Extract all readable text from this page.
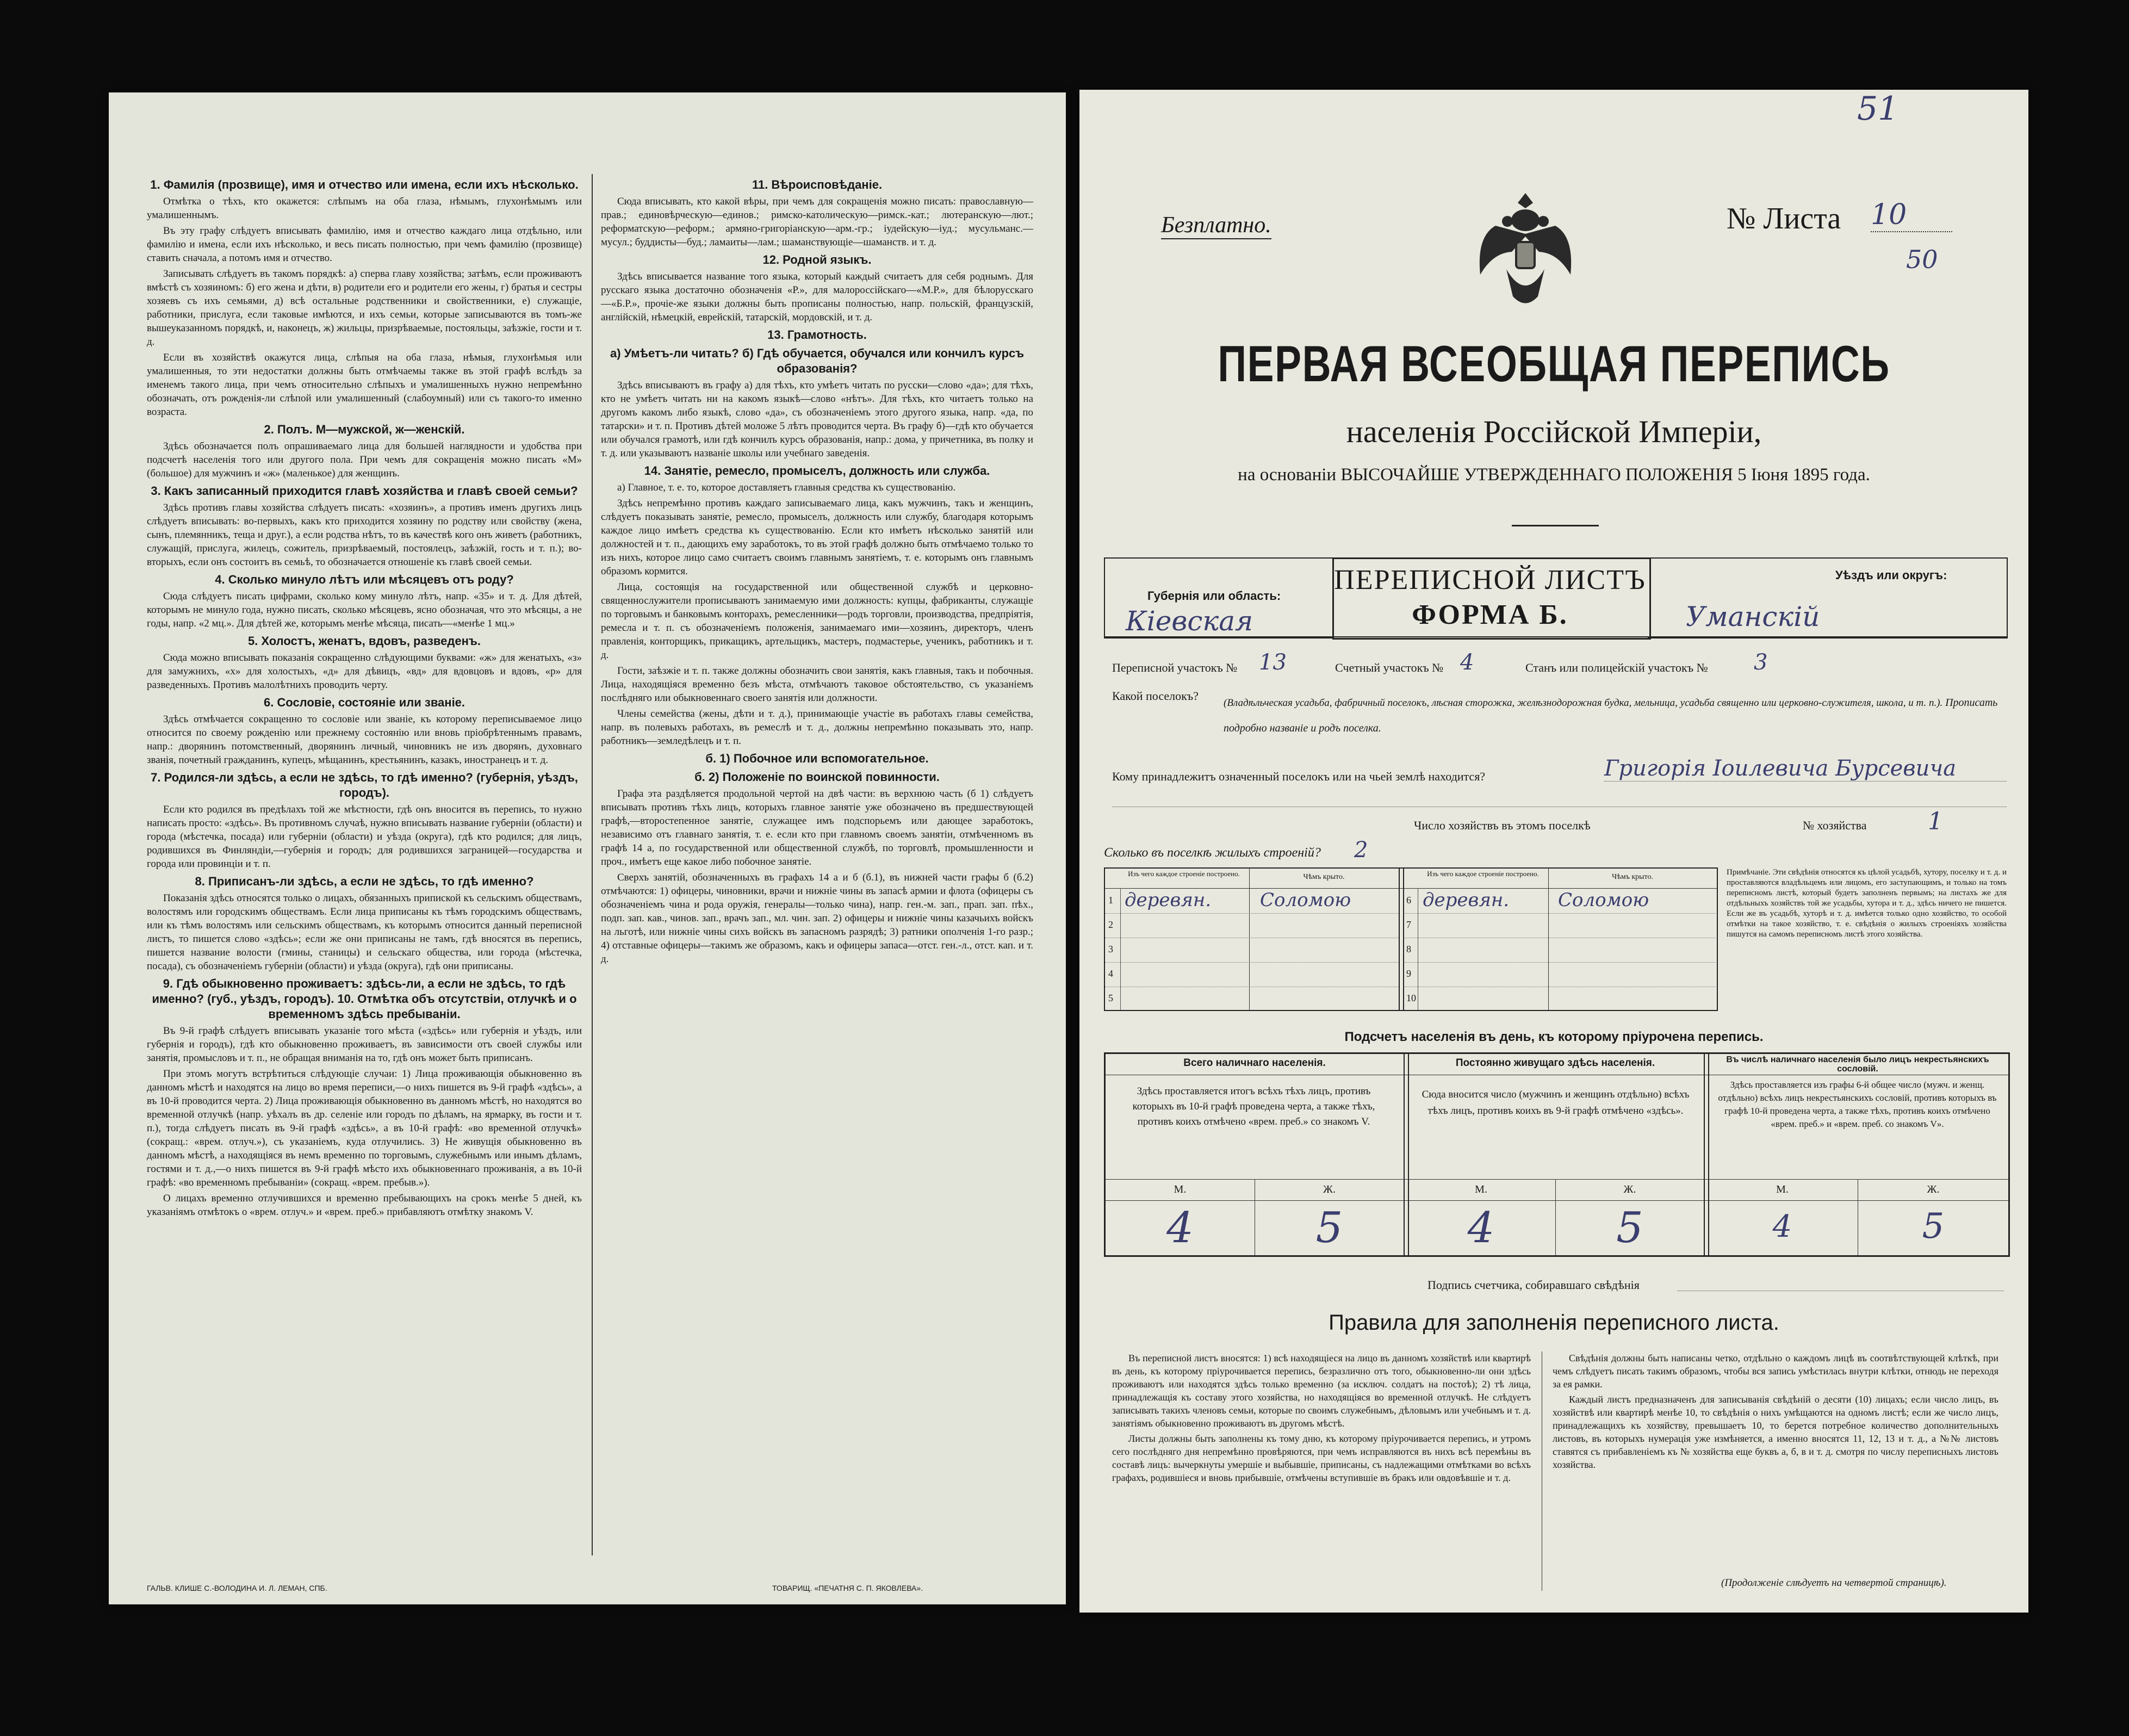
1. Фамилія (прозвище), имя и отчество или имена, если ихъ нѣсколько.
Отмѣтка о тѣхъ, кто окажется: слѣпымъ на оба глаза, нѣмымъ, глухонѣмымъ или умалишеннымъ.
Въ эту графу слѣдуетъ вписывать фамилію, имя и отчество каждаго лица отдѣльно, или фамилію и имена, если ихъ нѣсколько, и весь писать полностью, при чемъ фамилію (прозвище) ставить сначала, а потомъ имя и отчество.
Записывать слѣдуетъ въ такомъ порядкѣ: а) сперва главу хозяйства; затѣмъ, если проживаютъ вмѣстѣ съ хозяиномъ: б) его жена и дѣти, в) родители его и родители его жены, г) братья и сестры хозяевъ съ ихъ семьями, д) всѣ остальные родственники и свойственники, е) служащіе, работники, прислуга, если таковые имѣются, и ихъ семьи, которые записываются въ томъ-же вышеуказанномъ порядкѣ, и, наконецъ, ж) жильцы, призрѣваемые, постояльцы, заѣзжіе, гости и т. д.
Если въ хозяйствѣ окажутся лица, слѣпыя на оба глаза, нѣмыя, глухонѣмыя или умалишенныя, то эти недостатки должны быть отмѣчаемы также въ этой графѣ вслѣдъ за именемъ такого лица, при чемъ относительно слѣпыхъ и умалишенныхъ нужно непремѣнно обозначать, отъ рожденія-ли слѣпой или умалишенный (слабоумный) или съ такого-то именно возраста.
2. Полъ. М—мужской, ж—женскій.
Здѣсь обозначается полъ опрашиваемаго лица для большей наглядности и удобства при подсчетѣ населенія того или другого пола. При чемъ для сокращенія можно писать «М» (большое) для мужчинъ и «ж» (маленькое) для женщинъ.
3. Какъ записанный приходится главѣ хозяйства и главѣ своей семьи?
Здѣсь противъ главы хозяйства слѣдуетъ писать: «хозяинъ», а противъ именъ другихъ лицъ слѣдуетъ вписывать: во-первыхъ, какъ кто приходится хозяину по родству или свойству (жена, сынъ, племянникъ, теща и друг.), а если родства нѣтъ, то въ качествѣ кого онъ живетъ (работникъ, служащій, прислуга, жилецъ, сожитель, призрѣваемый, постоялецъ, заѣзжій, гость и т. п.); во-вторыхъ, если онъ состоитъ въ семьѣ, то обозначается отношеніе къ главѣ своей семьи.
4. Сколько минуло лѣтъ или мѣсяцевъ отъ роду?
Сюда слѣдуетъ писать цифрами, сколько кому минуло лѣтъ, напр. «35» и т. д. Для дѣтей, которымъ не минуло года, нужно писать, сколько мѣсяцевъ, ясно обозначая, что это мѣсяцы, а не годы, напр. «2 мц.». Для дѣтей же, которымъ менѣе мѣсяца, писать—«менѣе 1 мц.»
5. Холостъ, женатъ, вдовъ, разведенъ.
Сюда можно вписывать показанія сокращенно слѣдующими буквами: «ж» для женатыхъ, «з» для замужнихъ, «х» для холостыхъ, «д» для дѣвицъ, «вд» для вдовцовъ и вдовъ, «р» для разведенныхъ. Противъ малолѣтнихъ проводить черту.
6. Сословіе, состояніе или званіе.
Здѣсь отмѣчается сокращенно то сословіе или званіе, къ которому переписываемое лицо относится по своему рожденію или прежнему состоянію или вновь пріобрѣтеннымъ правамъ, напр.: дворянинъ потомственный, дворянинъ личный, чиновникъ не изъ дворянъ, духовнаго званія, почетный гражданинъ, купецъ, мѣщанинъ, крестьянинъ, казакъ, иностранецъ и т. д.
7. Родился-ли здѣсь, а если не здѣсь, то гдѣ именно? (губернія, уѣздъ, городъ).
Если кто родился въ предѣлахъ той же мѣстности, гдѣ онъ вносится въ перепись, то нужно написать просто: «здѣсь». Въ противномъ случаѣ, нужно вписывать название губерніи (области) и города (мѣстечка, посада) или губерніи (области) и уѣзда (округа), гдѣ кто родился; для лицъ, родившихся въ Финляндіи,—губернія и городъ; для родившихся заграницей—государства и города или провинціи и т. п.
8. Приписанъ-ли здѣсь, а если не здѣсь, то гдѣ именно?
Показанія здѣсь относятся только о лицахъ, обязанныхъ припиской къ сельскимъ обществамъ, волостямъ или городскимъ обществамъ. Если лица приписаны къ тѣмъ городскимъ обществамъ, или къ тѣмъ волостямъ или сельскимъ обществамъ, къ которымъ относится данный переписной листъ, то пишется слово «здѣсь»; если же они приписаны не тамъ, гдѣ вносятся въ перепись, пишется название волости (гмины, станицы) и сельскаго общества, или города (мѣстечка, посада), съ обозначеніемъ губерніи (области) и уѣзда (округа), гдѣ они приписаны.
9. Гдѣ обыкновенно проживаетъ: здѣсь-ли, а если не здѣсь, то гдѣ именно? (губ., уѣздъ, городъ). 10. Отмѣтка объ отсутствіи, отлучкѣ и о временномъ здѣсь пребываніи.
Въ 9-й графѣ слѣдуетъ вписывать указаніе того мѣста («здѣсь» или губернія и уѣздъ, или губернія и городъ), гдѣ кто обыкновенно проживаетъ, въ зависимости отъ своей службы или занятія, промысловъ и т. п., не обращая вниманія на то, гдѣ онъ может быть приписанъ.
При этомъ могутъ встрѣтиться слѣдующіе случаи: 1) Лица проживающія обыкновенно въ данномъ мѣстѣ и находятся на лицо во время переписи,—о нихъ пишется въ 9-й графѣ «здѣсь», а въ 10-й проводится черта. 2) Лица проживающія обыкновенно въ данномъ мѣстѣ, но находятся во временной отлучкѣ (напр. уѣхалъ въ др. селеніе или городъ по дѣламъ, на ярмарку, въ гости и т. п.), тогда слѣдуетъ писать въ 9-й графѣ «здѣсь», а въ 10-й графѣ: «во временной отлучкѣ» (сокращ.: «врем. отлуч.»), съ указаніемъ, куда отлучились. 3) Не живущія обыкновенно въ данномъ мѣстѣ, а находящіяся въ немъ временно по торговымъ, служебнымъ или инымъ дѣламъ, гостями и т. д.,—о нихъ пишется въ 9-й графѣ мѣсто ихъ обыкновеннаго проживанія, а въ 10-й графѣ: «во временномъ пребываніи» (сокращ. «врем. пребыв.»).
О лицахъ временно отлучившихся и временно пребывающихъ на срокъ менѣе 5 дней, къ указаніямъ отмѣтокъ о «врем. отлуч.» и «врем. преб.» прибавляютъ отмѣтку знакомъ V.
11. Вѣроисповѣданіе.
Сюда вписывать, кто какой вѣры, при чемъ для сокращенія можно писать: православную—прав.; единовѣрческую—единов.; римско-католическую—римск.-кат.; лютеранскую—лют.; реформатскую—реформ.; армяно-григоріанскую—арм.-гр.; іудейскую—іуд.; мусульманс.—мусул.; буддисты—буд.; ламаиты—лам.; шаманствующіе—шаманств. и т. д.
12. Родной языкъ.
Здѣсь вписывается название того языка, который каждый считаетъ для себя роднымъ. Для русскаго языка достаточно обозначенія «Р.», для малороссійскаго—«М.Р.», для бѣлорусскаго—«Б.Р.», прочіе-же языки должны быть прописаны полностью, напр. польскій, французскій, англійскій, нѣмецкій, еврейскій, татарскій, мордовскій, и т. д.
13. Грамотность.
а) Умѣетъ-ли читать? б) Гдѣ обучается, обучался или кончилъ курсъ образованія?
Здѣсь вписываютъ въ графу а) для тѣхъ, кто умѣетъ читать по русски—слово «да»; для тѣхъ, кто не умѣетъ читать ни на какомъ языкѣ—слово «нѣтъ». Для тѣхъ, кто читаетъ только на другомъ какомъ либо языкѣ, слово «да», съ обозначеніемъ этого другого языка, напр. «да, по татарски» и т. п. Противъ дѣтей моложе 5 лѣтъ проводится черта. Въ графу б)—гдѣ кто обучается или обучался грамотѣ, или гдѣ кончилъ курсъ образованія, напр.: дома, у причетника, въ полку и т. д. или указываютъ названіе школы или учебнаго заведенія.
14. Занятіе, ремесло, промыселъ, должность или служба.
а) Главное, т. е. то, которое доставляетъ главныя средства къ существованію.
Здѣсь непремѣнно противъ каждаго записываемаго лица, какъ мужчинъ, такъ и женщинъ, слѣдуетъ показывать занятіе, ремесло, промыселъ, должность или службу, благодаря которымъ каждое лицо имѣетъ средства къ существованію. Если кто имѣетъ нѣсколько занятій или должностей и т. п., дающихъ ему заработокъ, то въ этой графѣ должно быть отмѣчаемо только то изъ нихъ, которое лицо само считаетъ своимъ главнымъ занятіемъ, т. е. которымъ онъ главнымъ образомъ кормится.
Лица, состоящія на государственной или общественной службѣ и церковно-священнослужители прописываютъ занимаемую ими должность: купцы, фабриканты, служащіе по торговымъ и банковымъ конторахъ, ремесленники—родъ торговли, производства, предпріятія, ремесла и т. п. съ обозначеніемъ положенія, занимаемаго ими—хозяинъ, директоръ, членъ правленія, конторщикъ, прикащикъ, артельщикъ, мастеръ, подмастерье, ученикъ, работникъ и т. д.
Гости, заѣзжіе и т. п. также должны обозначить свои занятія, какъ главныя, такъ и побочныя. Лица, находящіяся временно безъ мѣста, отмѣчаютъ таковое обстоятельство, съ указаніемъ послѣдняго или обыкновеннаго своего занятія или должности.
Члены семейства (жены, дѣти и т. д.), принимающіе участіе въ работахъ главы семейства, напр. въ полевыхъ работахъ, въ ремеслѣ и т. д., должны непремѣнно показывать это, напр. работникъ—земледѣлецъ и т. п.
б. 1) Побочное или вспомогательное.
б. 2) Положеніе по воинской повинности.
Графа эта раздѣляется продольной чертой на двѣ части: въ верхнюю часть (б 1) слѣдуетъ вписывать противъ тѣхъ лицъ, которыхъ главное занятіе уже обозначено въ предшествующей графѣ,—второстепенное занятіе, служащее имъ подспорьемъ или дающее заработокъ, независимо отъ главнаго занятія, т. е. если кто при главномъ своемъ занятіи, отмѣченномъ въ графѣ 14 а, по государственной или общественной службѣ, по торговлѣ, промышленности и проч., имѣетъ еще какое либо побочное занятіе.
Сверхъ занятій, обозначенныхъ въ графахъ 14 а и б (б.1), въ нижней части графы б (б.2) отмѣчаются: 1) офицеры, чиновники, врачи и нижніе чины въ запасѣ армии и флота (офицеры съ обозначеніемъ чина и рода оружія, генералы—только чина), напр. ген.-м. зап., прап. зап. пѣх., подп. зап. кав., чинов. зап., врачъ зап., мл. чин. зап. 2) офицеры и нижніе чины казачьихъ войскъ на льготѣ, или нижніе чины сихъ войскъ въ запасномъ разрядѣ; 3) ратники ополченія 1-го разр.; 4) отставные офицеры—такимъ же образомъ, какъ и офицеры запаса—отст. ген.-л., отст. кап. и т. д.
ГАЛЬВ. КЛИШЕ С.-ВОЛОДИНА И. Л. ЛЕМАН, СПБ.	ТОВАРИЩ. «ПЕЧАТНЯ С. П. ЯКОВЛЕВА».
51
Безплатно.	№ Листа 10
50
ПЕРВАЯ ВСЕОБЩАЯ ПЕРЕПИСЬ
населенія Россійской Имперіи,
на основаніи ВЫСОЧАЙШЕ УТВЕРЖДЕННАГО ПОЛОЖЕНІЯ 5 Іюня 1895 года.
Губернія или область:
Кіевская
ПЕРЕПИСНОЙ ЛИСТЪ
ФОРМА Б.
Уѣздъ или округъ:
Уманскій
Переписной участокъ № 13	Счетный участокъ № 4	Станъ или полицейскій участокъ № 3
Какой поселокъ?
(Владѣльческая усадьба, фабричный поселокъ, лѣсная сторожка, желѣзнодорожная будка, мельница, усадьба священно или церковно-служителя, школа, и т. п.). Прописать подробно названіе и родъ поселка.
Кому принадлежитъ означенный поселокъ или на чьей землѣ находится?	Григорія Іоилевича Бурсевича
Число хозяйствъ въ этомъ поселкѣ	№ хозяйства	1
Сколько въ поселкѣ жилыхъ строеній? 2
Изъ чего каждое строеніе построено.	Чѣмъ крыто.	Изъ чего каждое строеніе построено.	Чѣмъ крыто.
1 деревян.	Соломою
2
3
4
5
6 деревян.	Соломою
7
8
9
10
Примѣчаніе. Эти свѣдѣнія относятся къ цѣлой усадьбѣ, хутору, поселку и т. д. и проставляются владѣльцемъ или лицомъ, его заступающимъ, и только на томъ переписномъ листѣ, который будетъ заполненъ первымъ; на листахъ же для отдѣльныхъ хозяйствъ той же усадьбы, хутора и т. д., здѣсь ничего не пишется. Если же въ усадьбѣ, хуторѣ и т. д. имѣется только одно хозяйство, то особой отмѣтки на такое хозяйство, т. е. свѣдѣнія о жилыхъ строеніяхъ хозяйства пишутся на самомъ переписномъ листѣ этого хозяйства.
Подсчетъ населенія въ день, къ которому пріурочена перепись.
Всего наличнаго населенія.	Постоянно живущаго здѣсь населенія.	Въ числѣ наличнаго населенія было лицъ некрестьянскихъ сословій.
Здѣсь проставляется итогъ всѣхъ тѣхъ лицъ, противъ которыхъ въ 10-й графѣ проведена черта, а также тѣхъ, противъ коихъ отмѣчено «врем. преб.» со знакомъ V.
Сюда вносится число (мужчинъ и женщинъ отдѣльно) всѣхъ тѣхъ лицъ, противъ коихъ въ 9-й графѣ отмѣчено «здѣсь».
Здѣсь проставляется изъ графы 6-й общее число (мужч. и женщ. отдѣльно) всѣхъ лицъ некрестьянскихъ сословій, противъ которыхъ въ графѣ 10-й проведена черта, а также тѣхъ, противъ коихъ отмѣчено «врем. преб.» и «врем. преб. со знакомъ V».
М.	Ж.	М.	Ж.	М.	Ж.
4	5	4	5	4	5
Подпись счетчика, собиравшаго свѣдѣнія
Правила для заполненія переписного листа.
Въ переписной листъ вносятся: 1) всѣ находящіеся на лицо въ данномъ хозяйствѣ или квартирѣ въ день, къ которому пріурочивается перепись, безразлично отъ того, обыкновенно-ли они здѣсь проживаютъ или находятся здѣсь только временно (за исключ. солдатъ на постоѣ); 2) тѣ лица, принадлежащія къ составу этого хозяйства, но находящіяся во временной отлучкѣ. Не слѣдуетъ записывать такихъ членовъ семьи, которые по своимъ служебнымъ, дѣловымъ или учебнымъ и т. д. занятіямъ обыкновенно проживаютъ въ другомъ мѣстѣ.
Листы должны быть заполнены къ тому дню, къ которому пріурочивается перепись, и утромъ сего послѣдняго дня непремѣнно провѣряются, при чемъ исправляются въ нихъ всѣ перемѣны въ составѣ лицъ: вычеркнуты умершіе и выбывшіе, приписаны, съ надлежащими отмѣтками во всѣхъ графахъ, родившіеся и вновь прибывшіе, отмѣчены вступившіе въ бракъ или овдовѣвшіе и т. д.
Свѣдѣнія должны быть написаны четко, отдѣльно о каждомъ лицѣ въ соотвѣтствующей клѣткѣ, при чемъ слѣдуетъ писать такимъ образомъ, чтобы вся запись умѣстилась внутри клѣтки, отнюдь не переходя за ея рамки.
Каждый листъ предназначенъ для записыванія свѣдѣній о десяти (10) лицахъ; если число лицъ, въ хозяйствѣ или квартирѣ менѣе 10, то свѣдѣнія о нихъ умѣщаются на одномъ листѣ; если же число лицъ, принадлежащихъ къ хозяйству, превышаетъ 10, то берется потребное количество дополнительныхъ листовъ, въ которыхъ нумерація уже измѣняется, а именно вносятся 11, 12, 13 и т. д., а №№ листовъ ставятся съ прибавленіемъ къ № хозяйства еще буквъ а, б, в и т. д. смотря по числу переписныхъ листовъ хозяйства.
(Продолженіе слѣдуетъ на четвертой страницѣ).
